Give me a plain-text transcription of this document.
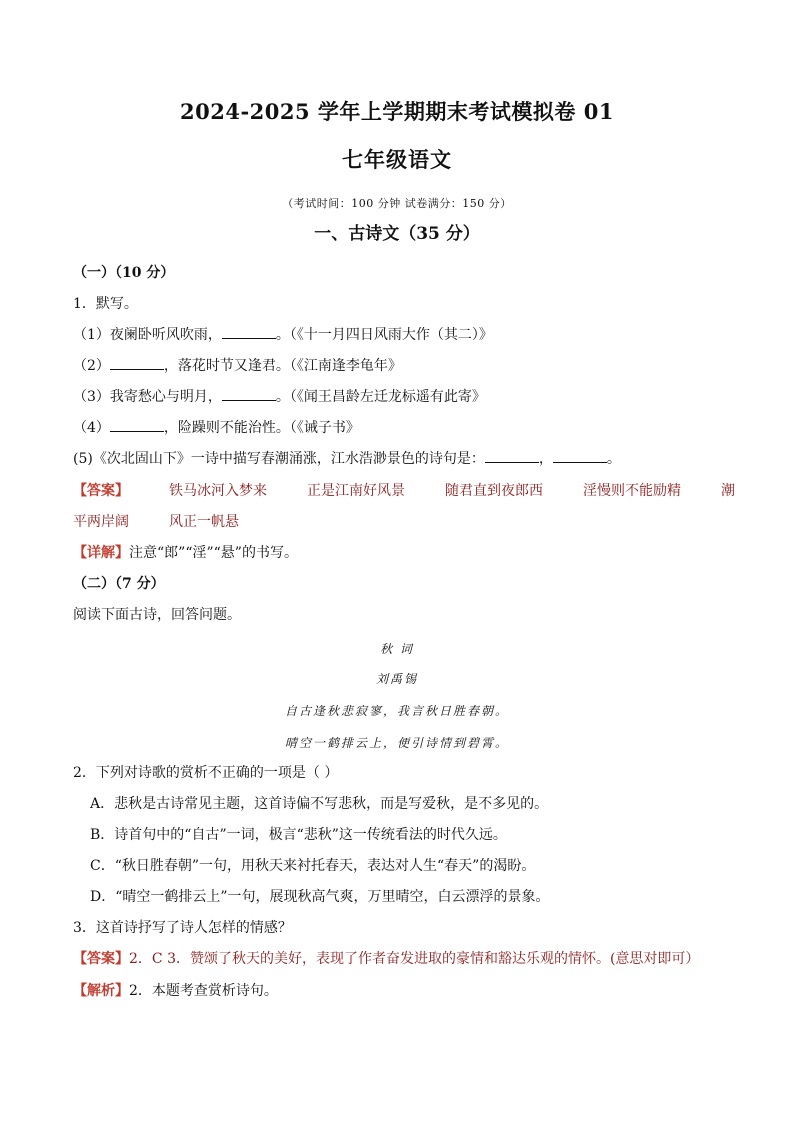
2024-2025 学年上学期期末考试模拟卷 01
七年级语文
（考试时间：100 分钟 试卷满分：150 分）
一、古诗文（35 分）
（一）（10 分）
1．默写。
（1）夜阑卧听风吹雨，	。（《十一月四日风雨大作（其二）》
（2）	，落花时节又逢君。（《江南逢李龟年》
（3）我寄愁心与明月，	。（《闻王昌龄左迁龙标遥有此寄》
（4）	，险躁则不能治性。（《诫子书》
(5)《次北固山下》一诗中描写春潮涌涨，江水浩渺景色的诗句是：	，	。
【答案】	铁马冰河入梦来	正是江南好风景	随君直到夜郎西	淫慢则不能励精	潮
平两岸阔	风正一帆悬
【详解】注意“郎”“淫”“悬”的书写。
（二）（7 分）
阅读下面古诗，回答问题。
秋 词
刘禹锡
自古逢秋悲寂寥，我言秋日胜春朝。
晴空一鹤排云上，便引诗情到碧霄。
2．下列对诗歌的赏析不正确的一项是（ ）
A．悲秋是古诗常见主题，这首诗偏不写悲秋，而是写爱秋，是不多见的。
B．诗首句中的“自古”一词，极言“悲秋”这一传统看法的时代久远。
C．“秋日胜春朝”一句，用秋天来衬托春天，表达对人生“春天”的渴盼。
D．“晴空一鹤排云上”一句，展现秋高气爽，万里晴空，白云漂浮的景象。
3．这首诗抒写了诗人怎样的情感？
【答案】2．C 3．赞颂了秋天的美好，表现了作者奋发进取的豪情和豁达乐观的情怀。(意思对即可）
【解析】2．本题考查赏析诗句。
